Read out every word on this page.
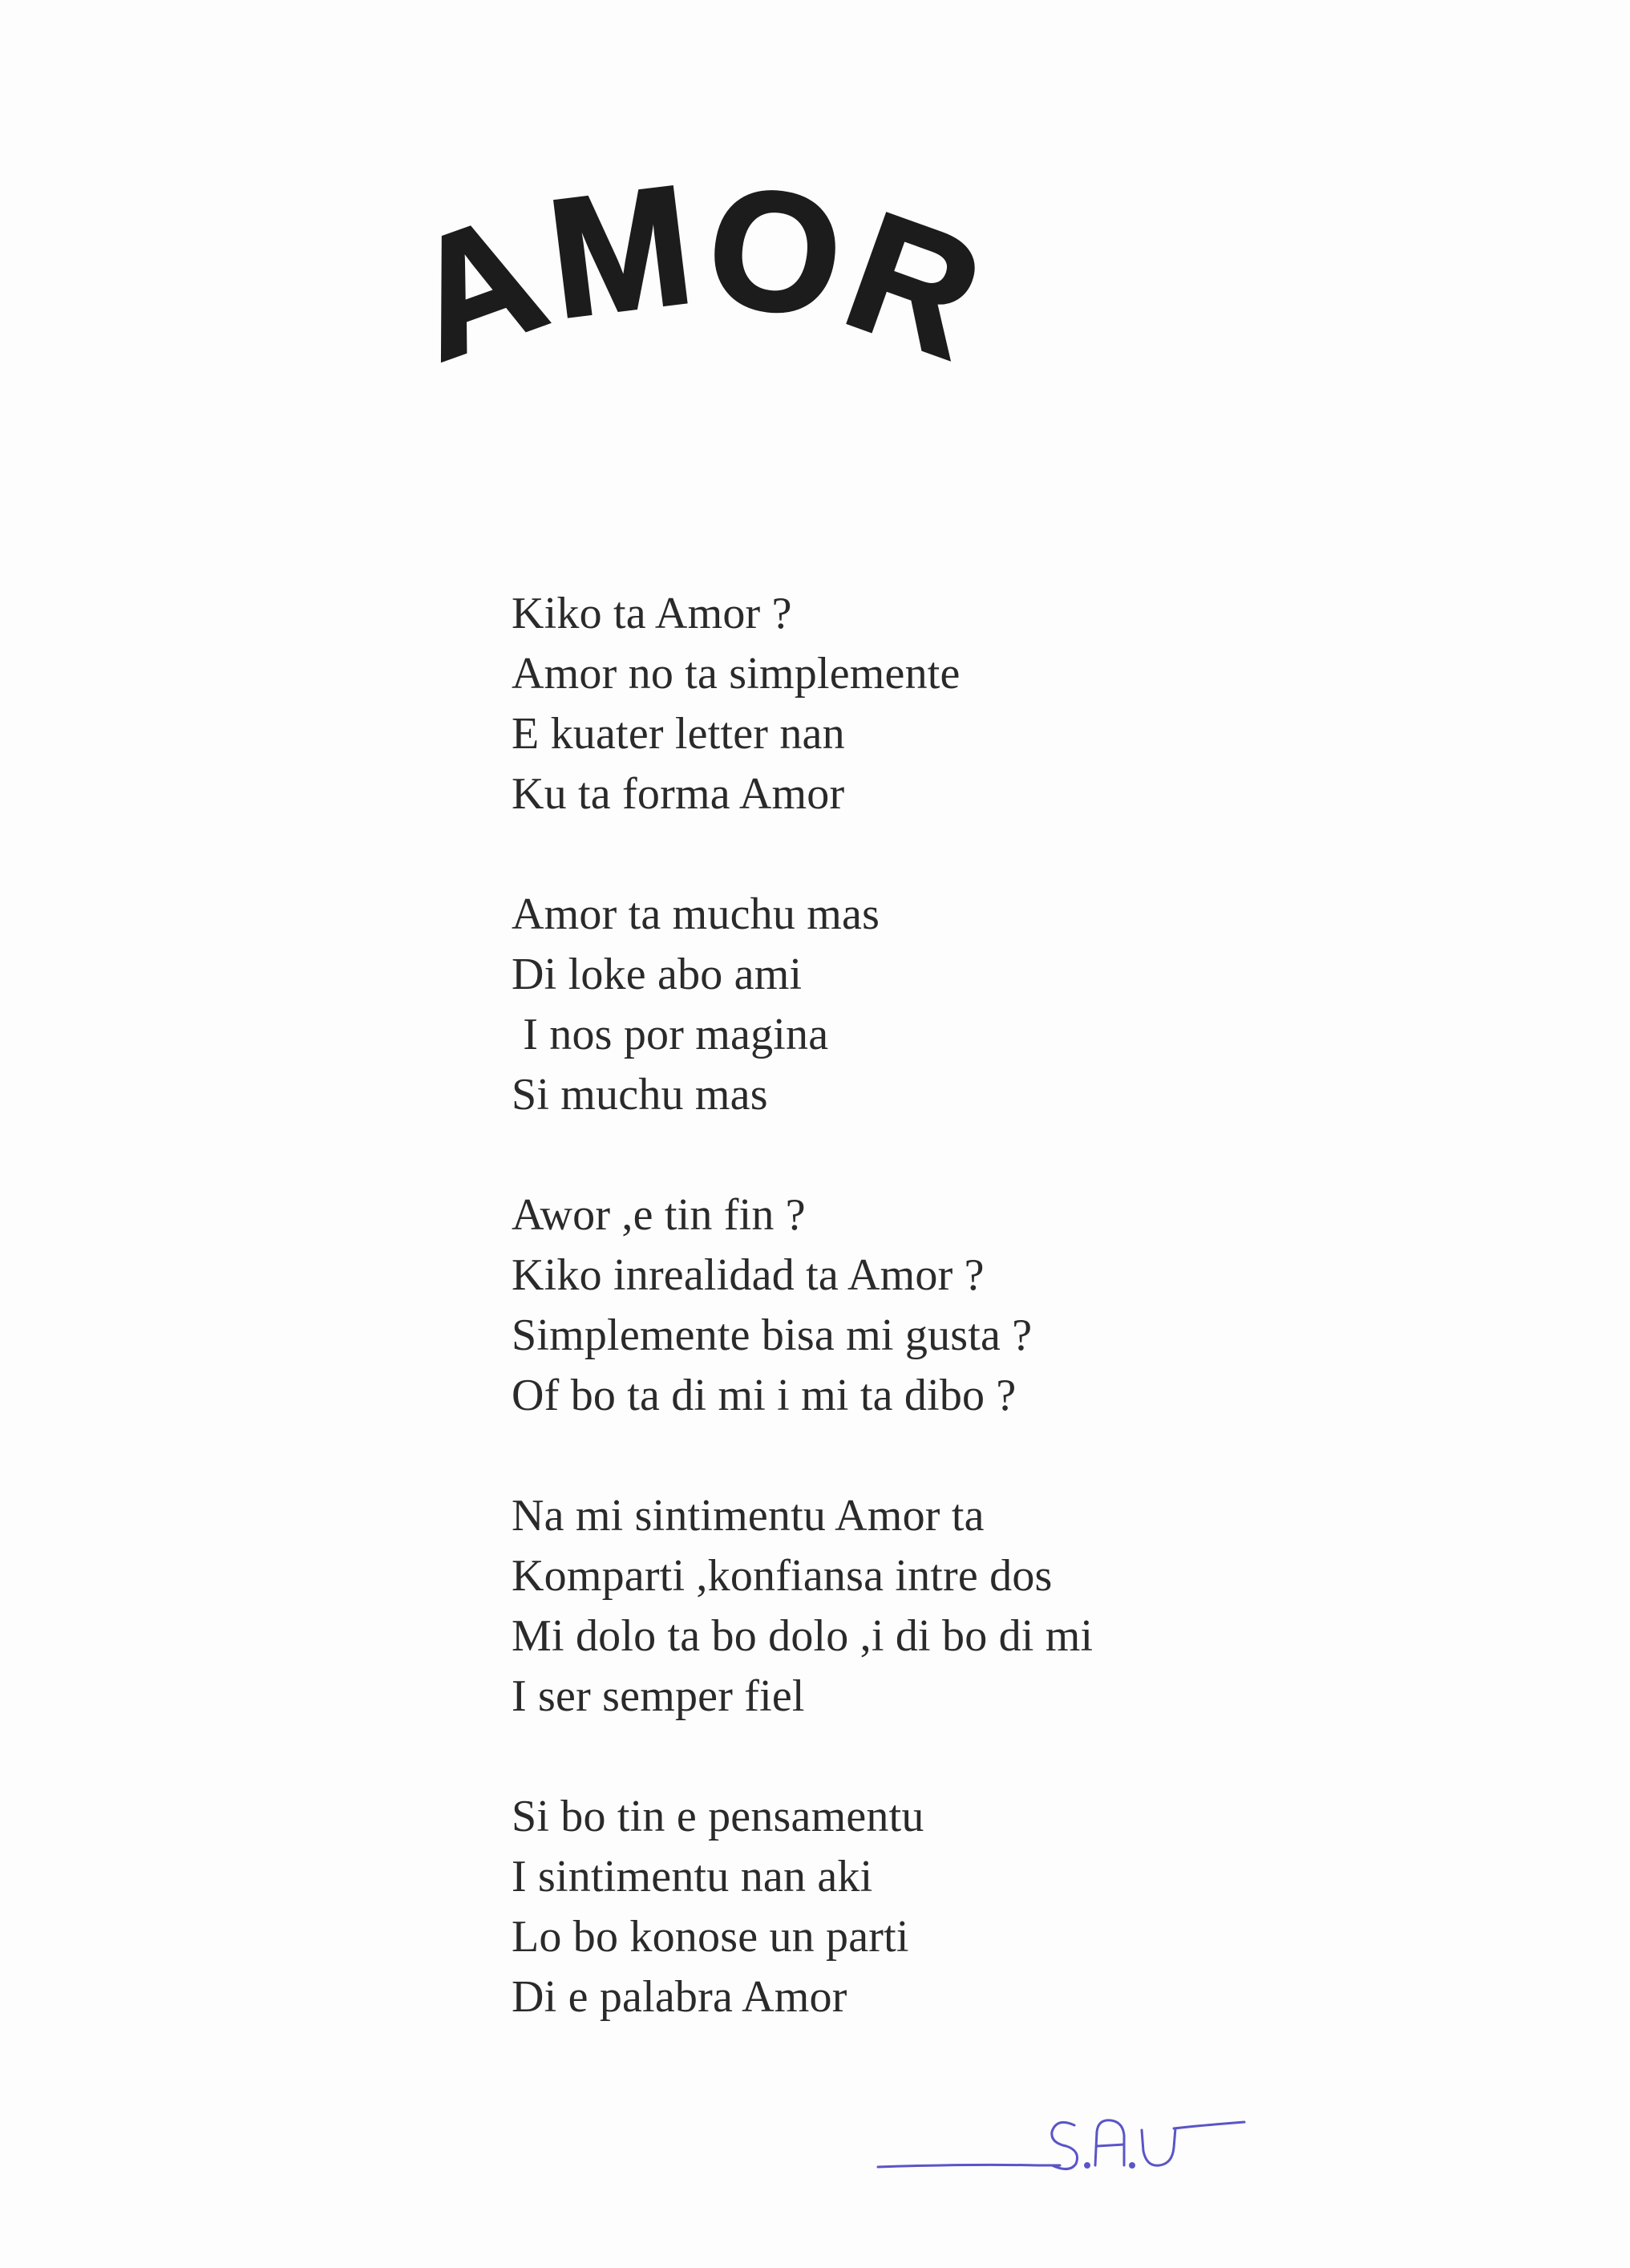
AMOR
Kiko ta Amor ?
Amor no ta simplemente
E kuater letter nan
Ku ta forma Amor
Amor ta muchu mas
Di loke abo ami
I nos por magina
Si muchu mas
Awor ,e tin fin ?
Kiko inrealidad ta Amor ?
Simplemente bisa mi gusta ?
Of bo ta di mi i mi ta dibo ?
Na mi sintimentu Amor ta
Komparti ,konfiansa intre dos
Mi dolo ta bo dolo ,i di bo di mi
I ser semper fiel
Si bo tin e pensamentu
I sintimentu nan aki
Lo bo konose un parti
Di e palabra Amor
